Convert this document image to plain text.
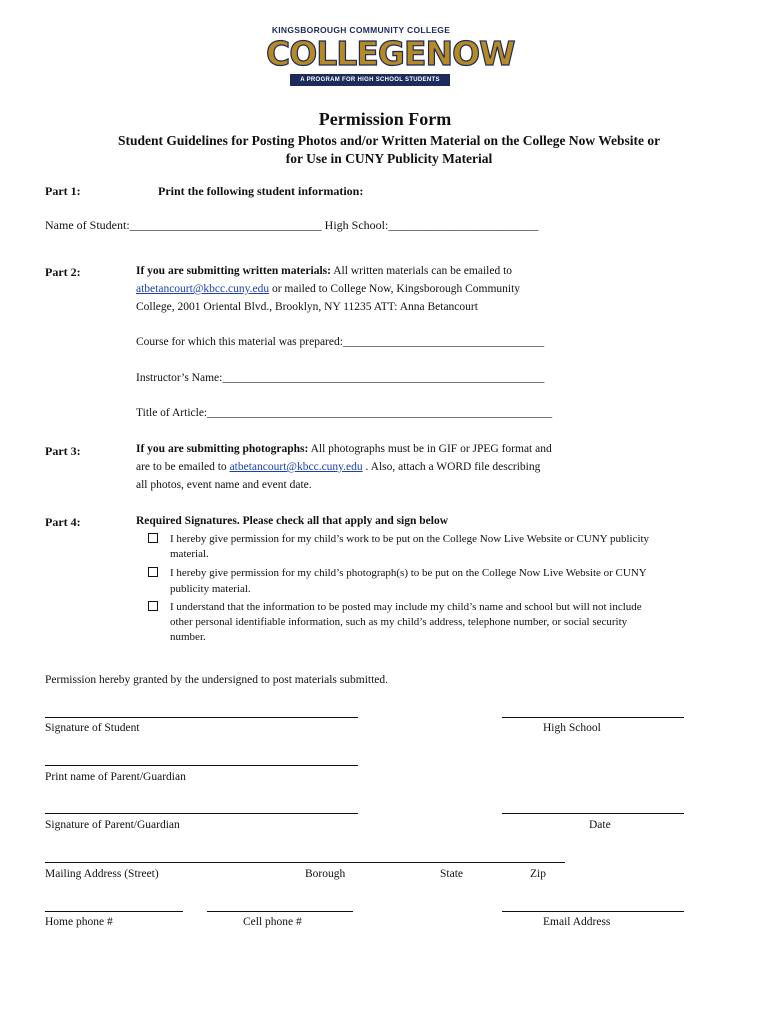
KINGSBOROUGH COMMUNITY COLLEGE
COLLEGENOW
A PROGRAM FOR HIGH SCHOOL STUDENTS
Permission Form
Student Guidelines for Posting Photos and/or Written Material on the College Now Website or
for Use in CUNY Publicity Material
Part 1:	Print the following student information:
Name of Student:________________________________ High School:_________________________
Part 2:	If you are submitting written materials: All written materials can be emailed to
atbetancourt@kbcc.cuny.edu or mailed to College Now, Kingsborough Community
College, 2001 Oriental Blvd., Brooklyn, NY 11235 ATT: Anna Betancourt
Course for which this material was prepared:___________________________________
Instructor’s Name:________________________________________________________
Title of Article:____________________________________________________________
Part 3:	If you are submitting photographs: All photographs must be in GIF or JPEG format and
are to be emailed to atbetancourt@kbcc.cuny.edu . Also, attach a WORD file describing
all photos, event name and event date.
Part 4:	Required Signatures. Please check all that apply and sign below
I hereby give permission for my child’s work to be put on the College Now Live Website or CUNY publicity
material.
I hereby give permission for my child’s photograph(s) to be put on the College Now Live Website or CUNY
publicity material.
I understand that the information to be posted may include my child’s name and school but will not include
other personal identifiable information, such as my child’s address, telephone number, or social security
number.
Permission hereby granted by the undersigned to post materials submitted.
Signature of Student	High School
Print name of Parent/Guardian
Signature of Parent/Guardian	Date
Mailing Address (Street)	Borough	State	Zip
Home phone #	Cell phone #	Email Address
